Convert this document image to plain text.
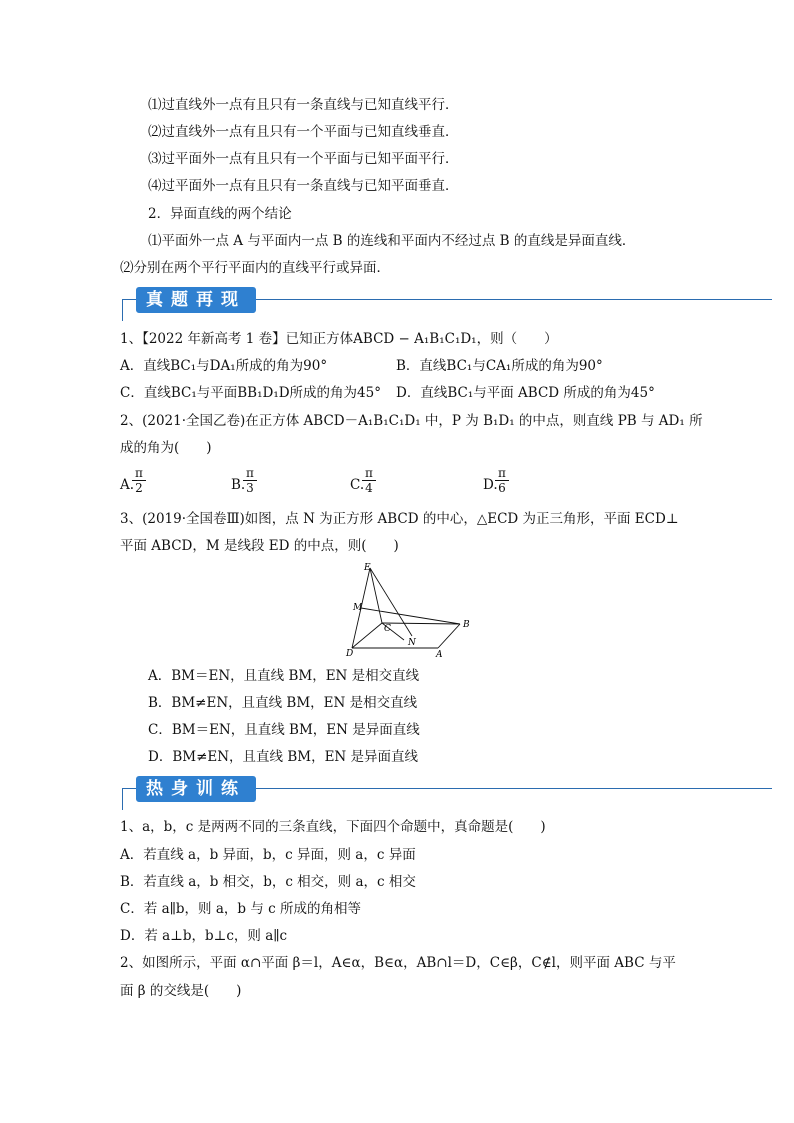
⑴过直线外一点有且只有一条直线与已知直线平行．
⑵过直线外一点有且只有一个平面与已知直线垂直．
⑶过平面外一点有且只有一个平面与已知平面平行．
⑷过平面外一点有且只有一条直线与已知平面垂直．
2．异面直线的两个结论
⑴平面外一点 A 与平面内一点 B 的连线和平面内不经过点 B 的直线是异面直线．
⑵分别在两个平行平面内的直线平行或异面．
真题再现
1、【2022 年新高考 1 卷】已知正方体ABCD − A₁B₁C₁D₁，则（　　）
A．直线BC₁与DA₁所成的角为90°	B．直线BC₁与CA₁所成的角为90°
C．直线BC₁与平面BB₁D₁D所成的角为45° D．直线BC₁与平面 ABCD 所成的角为45°
2、(2021·全国乙卷)在正方体 ABCD－A₁B₁C₁D₁ 中，P 为 B₁D₁ 的中点，则直线 PB 与 AD₁ 所
成的角为(　　)
A.
$\frac{\pi}{2}$	B.
$\frac{\pi}{3}$	C.
$\frac{\pi}{4}$	D.
$\frac{\pi}{6}$
3、(2019·全国卷Ⅲ)如图，点 N 为正方形 ABCD 的中心，△ECD 为正三角形，平面 ECD⊥
平面 ABCD，M 是线段 ED 的中点，则(　　)
E
M
C
N
B
D	A
A．BM＝EN，且直线 BM，EN 是相交直线
B．BM≠EN，且直线 BM，EN 是相交直线
C．BM＝EN，且直线 BM，EN 是异面直线
D．BM≠EN，且直线 BM，EN 是异面直线
热身训练
1、a，b，c 是两两不同的三条直线，下面四个命题中，真命题是(　　)
A．若直线 a，b 异面，b，c 异面，则 a，c 异面
B．若直线 a，b 相交，b，c 相交，则 a，c 相交
C．若 a∥b，则 a，b 与 c 所成的角相等
D．若 a⊥b，b⊥c，则 a∥c
2、如图所示，平面 α∩平面 β＝l，A∈α，B∈α，AB∩l＝D，C∈β，C∉l，则平面 ABC 与平
面 β 的交线是(　　)
